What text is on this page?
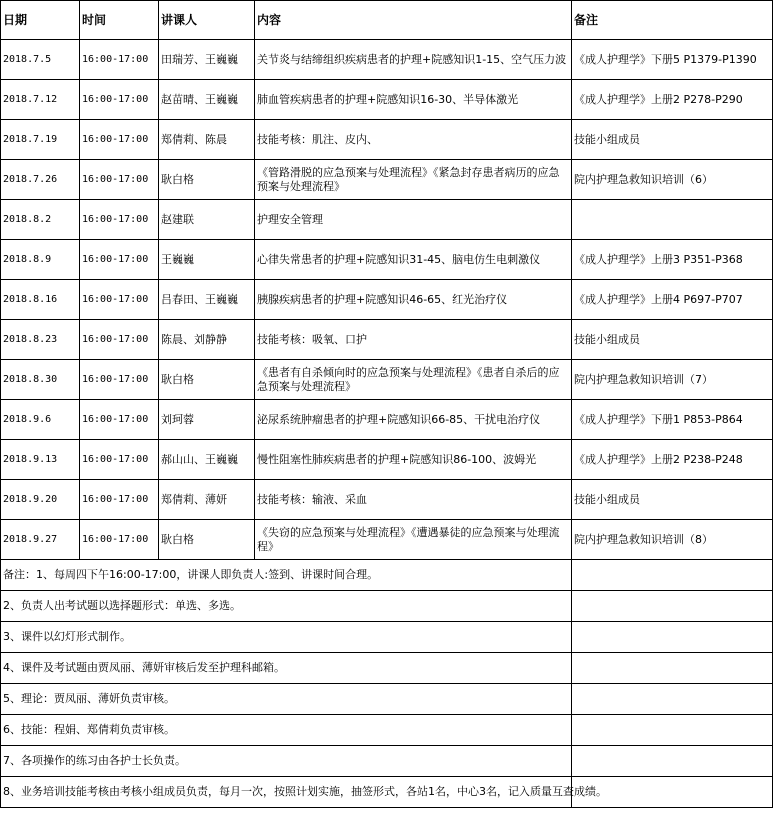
日期	时间	讲课人	内容	备注
2018.7.5	16:00-17:00	田瑞芳、王巍巍	关节炎与结缔组织疾病患者的护理+院感知识1-15、空气压力波	《成人护理学》下册5 P1379-P1390
2018.7.12	16:00-17:00	赵苗晴、王巍巍	肺血管疾病患者的护理+院感知识16-30、半导体激光	《成人护理学》上册2 P278-P290
2018.7.19	16:00-17:00	郑倩莉、陈晨	技能考核：肌注、皮内、	技能小组成员
2018.7.26	16:00-17:00	耿白格	《管路滑脱的应急预案与处理流程》《紧急封存患者病历的应急预案与处理流程》	院内护理急救知识培训（6）
2018.8.2	16:00-17:00	赵建联	护理安全管理	
2018.8.9	16:00-17:00	王巍巍	心律失常患者的护理+院感知识31-45、脑电仿生电刺激仪	《成人护理学》上册3 P351-P368
2018.8.16	16:00-17:00	吕春田、王巍巍	胰腺疾病患者的护理+院感知识46-65、红光治疗仪	《成人护理学》上册4 P697-P707
2018.8.23	16:00-17:00	陈晨、刘静静	技能考核：吸氧、口护	技能小组成员
2018.8.30	16:00-17:00	耿白格	《患者有自杀倾向时的应急预案与处理流程》《患者自杀后的应急预案与处理流程》	院内护理急救知识培训（7）
2018.9.6	16:00-17:00	刘珂蓉	泌尿系统肿瘤患者的护理+院感知识66-85、干扰电治疗仪	《成人护理学》下册1 P853-P864
2018.9.13	16:00-17:00	郝山山、王巍巍	慢性阻塞性肺疾病患者的护理+院感知识86-100、波姆光	《成人护理学》上册2 P238-P248
2018.9.20	16:00-17:00	郑倩莉、薄妍	技能考核：输液、采血	技能小组成员
2018.9.27	16:00-17:00	耿白格	《失窃的应急预案与处理流程》《遭遇暴徒的应急预案与处理流程》	院内护理急救知识培训（8）
备注：1、每周四下午16:00-17:00，讲课人即负责人:签到、讲课时间合理。				
2、负责人出考试题以选择题形式：单选、多选。				
3、课件以幻灯形式制作。				
4、课件及考试题由贾凤丽、薄妍审核后发至护理科邮箱。				
5、理论：贾凤丽、薄妍负责审核。				
6、技能：程娟、郑倩莉负责审核。				
7、各项操作的练习由各护士长负责。				
8、业务培训技能考核由考核小组成员负责，每月一次，按照计划实施，抽签形式，各站1名，中心3名，记入质量互查成绩。				
